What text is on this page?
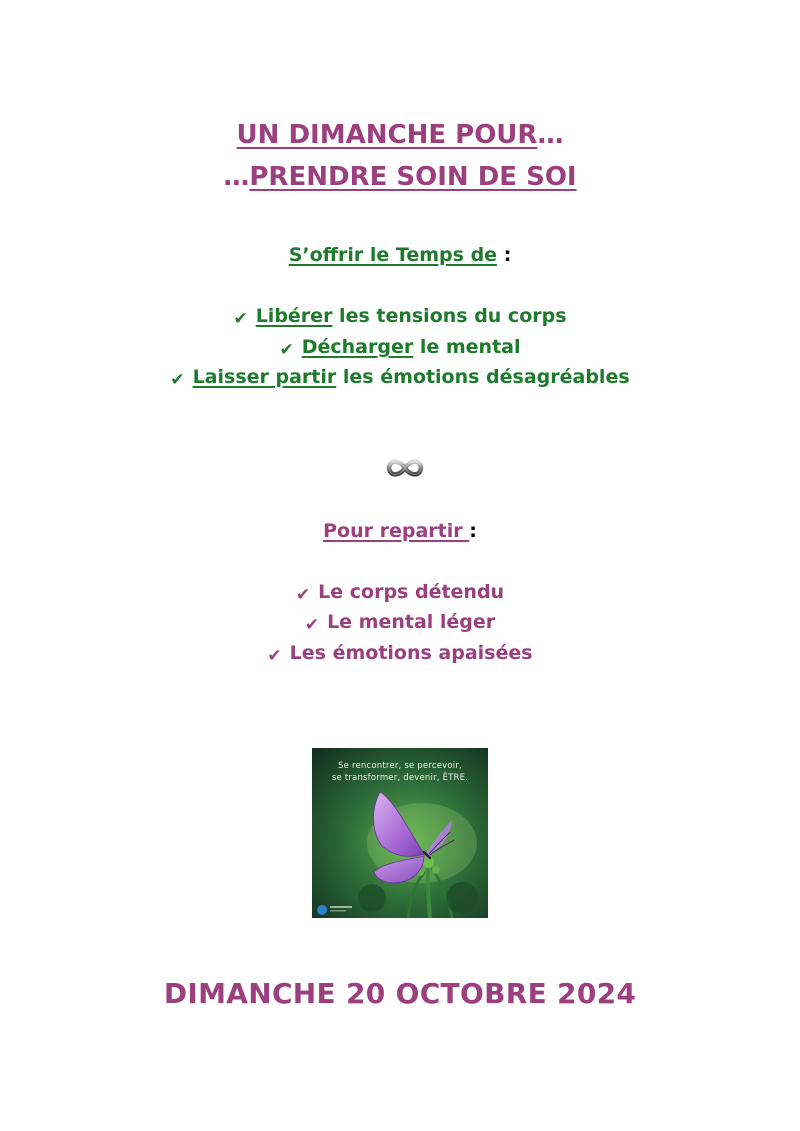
UN DIMANCHE POUR…
…PRENDRE SOIN DE SOI
S’offrir le Temps de :
✔ Libérer les tensions du corps
✔ Décharger le mental
✔ Laisser partir les émotions désagréables
Pour repartir :
✔ Le corps détendu
✔ Le mental léger
✔ Les émotions apaisées
Se rencontrer, se percevoir,
se transformer, devenir, ÊTRE.
DIMANCHE 20 OCTOBRE 2024
